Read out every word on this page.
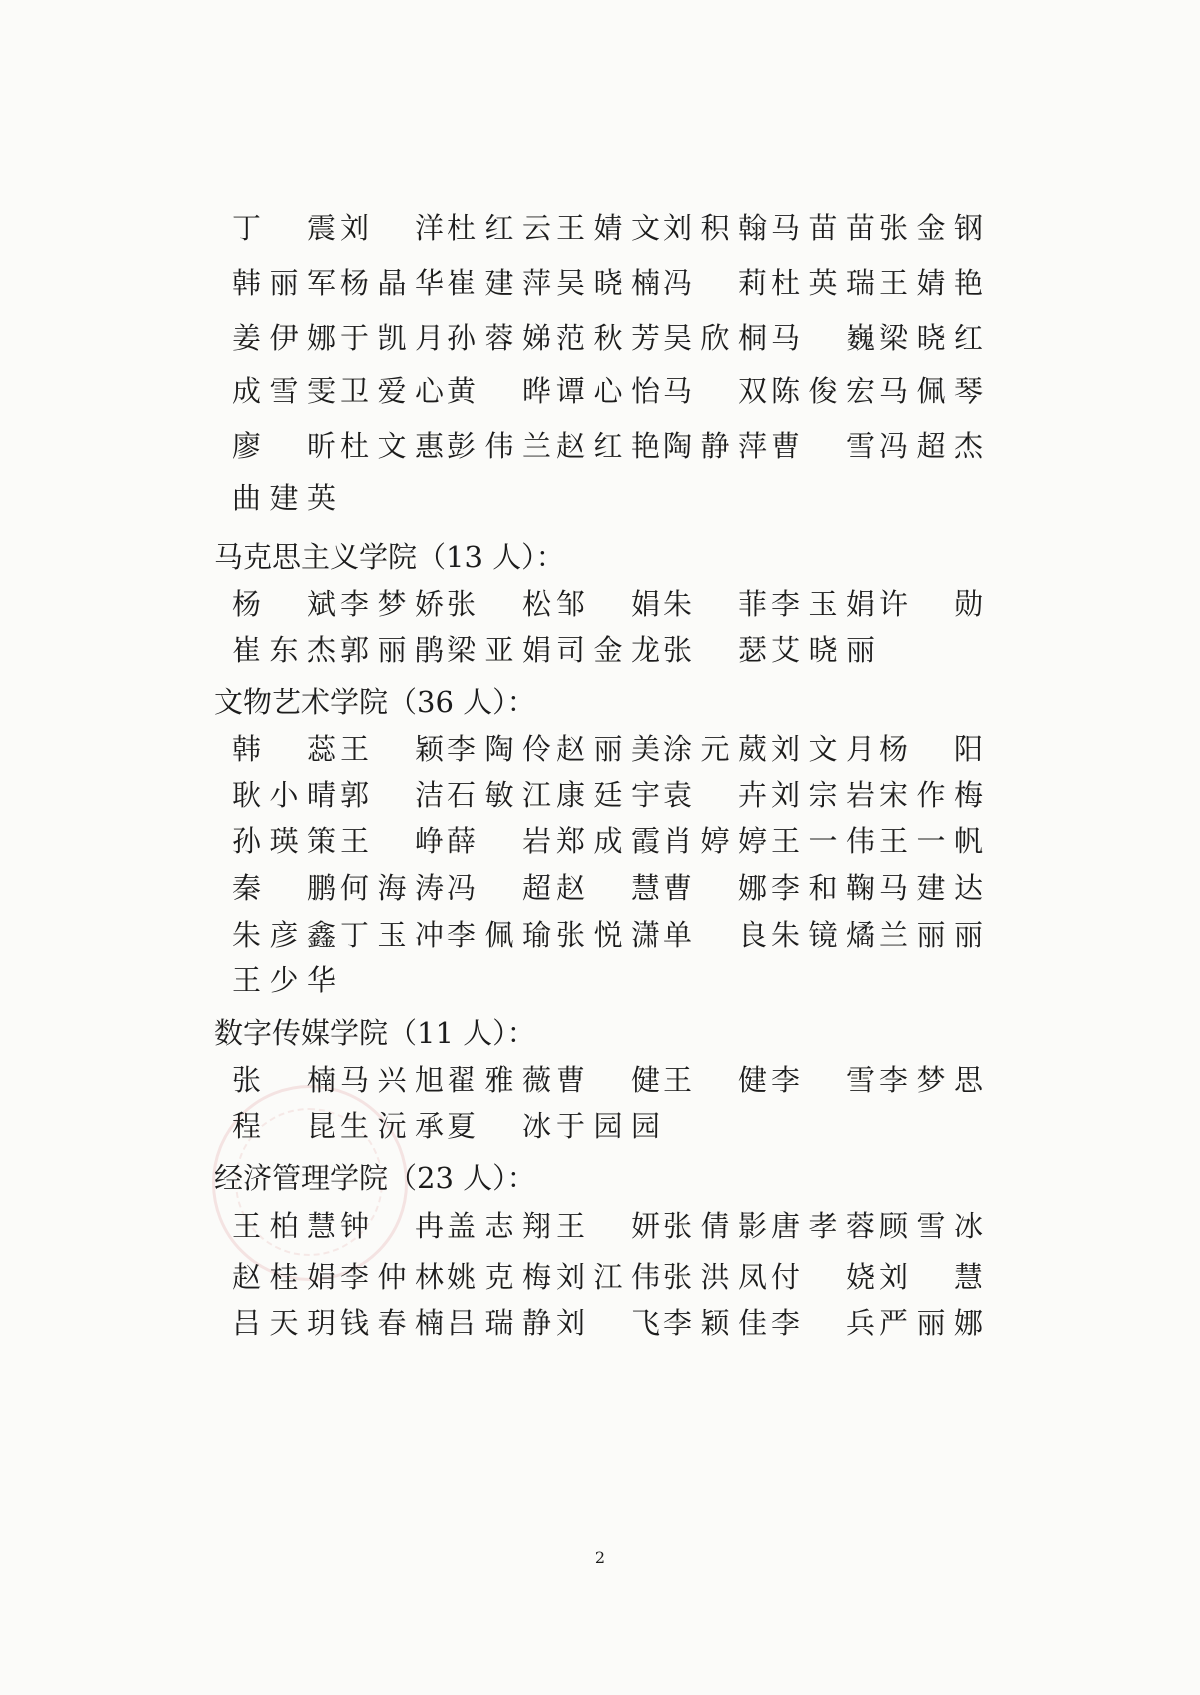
2
丁 震 刘 洋 杜红云 王婧文 刘积翰 马苗苗 张金钢
韩丽军 杨晶华 崔建萍 吴晓楠 冯 莉 杜英瑞 王婧艳
姜伊娜 于凯月 孙蓉娣 范秋芳 吴欣桐 马 巍 梁晓红
成雪雯 卫爱心 黄 晔 谭心怡 马 双 陈俊宏 马佩琴
廖 昕 杜文惠 彭伟兰 赵红艳 陶静萍 曹 雪 冯超杰
曲建英
马克思主义学院（13 人）：
杨 斌 李梦娇 张 松 邹 娟 朱 菲 李玉娟 许 勋
崔东杰 郭丽鹃 梁亚娟 司金龙 张 瑟 艾晓丽
文物艺术学院（36 人）：
韩 蕊 王 颖 李陶伶 赵丽美 涂元葳 刘文月 杨 阳
耿小晴 郭 洁 石敏江 康廷宇 袁 卉 刘宗岩 宋作梅
孙瑛策 王 峥 薛 岩 郑成霞 肖婷婷 王一伟 王一帆
秦 鹏 何海涛 冯 超 赵 慧 曹 娜 李和鞠 马建达
朱彦鑫 丁玉冲 李佩瑜 张悦潇 单 良 朱镜燏 兰丽丽
王少华
数字传媒学院（11 人）：
张 楠 马兴旭 翟雅薇 曹 健 王 健 李 雪 李梦思
程 昆 生沅承 夏 冰 于园园
经济管理学院（23 人）：
王柏慧 钟 冉 盖志翔 王 妍 张倩影 唐孝蓉 顾雪冰
赵桂娟 李仲林 姚克梅 刘江伟 张洪凤 付 娆 刘 慧
吕天玥 钱春楠 吕瑞静 刘 飞 李颖佳 李 兵 严丽娜
